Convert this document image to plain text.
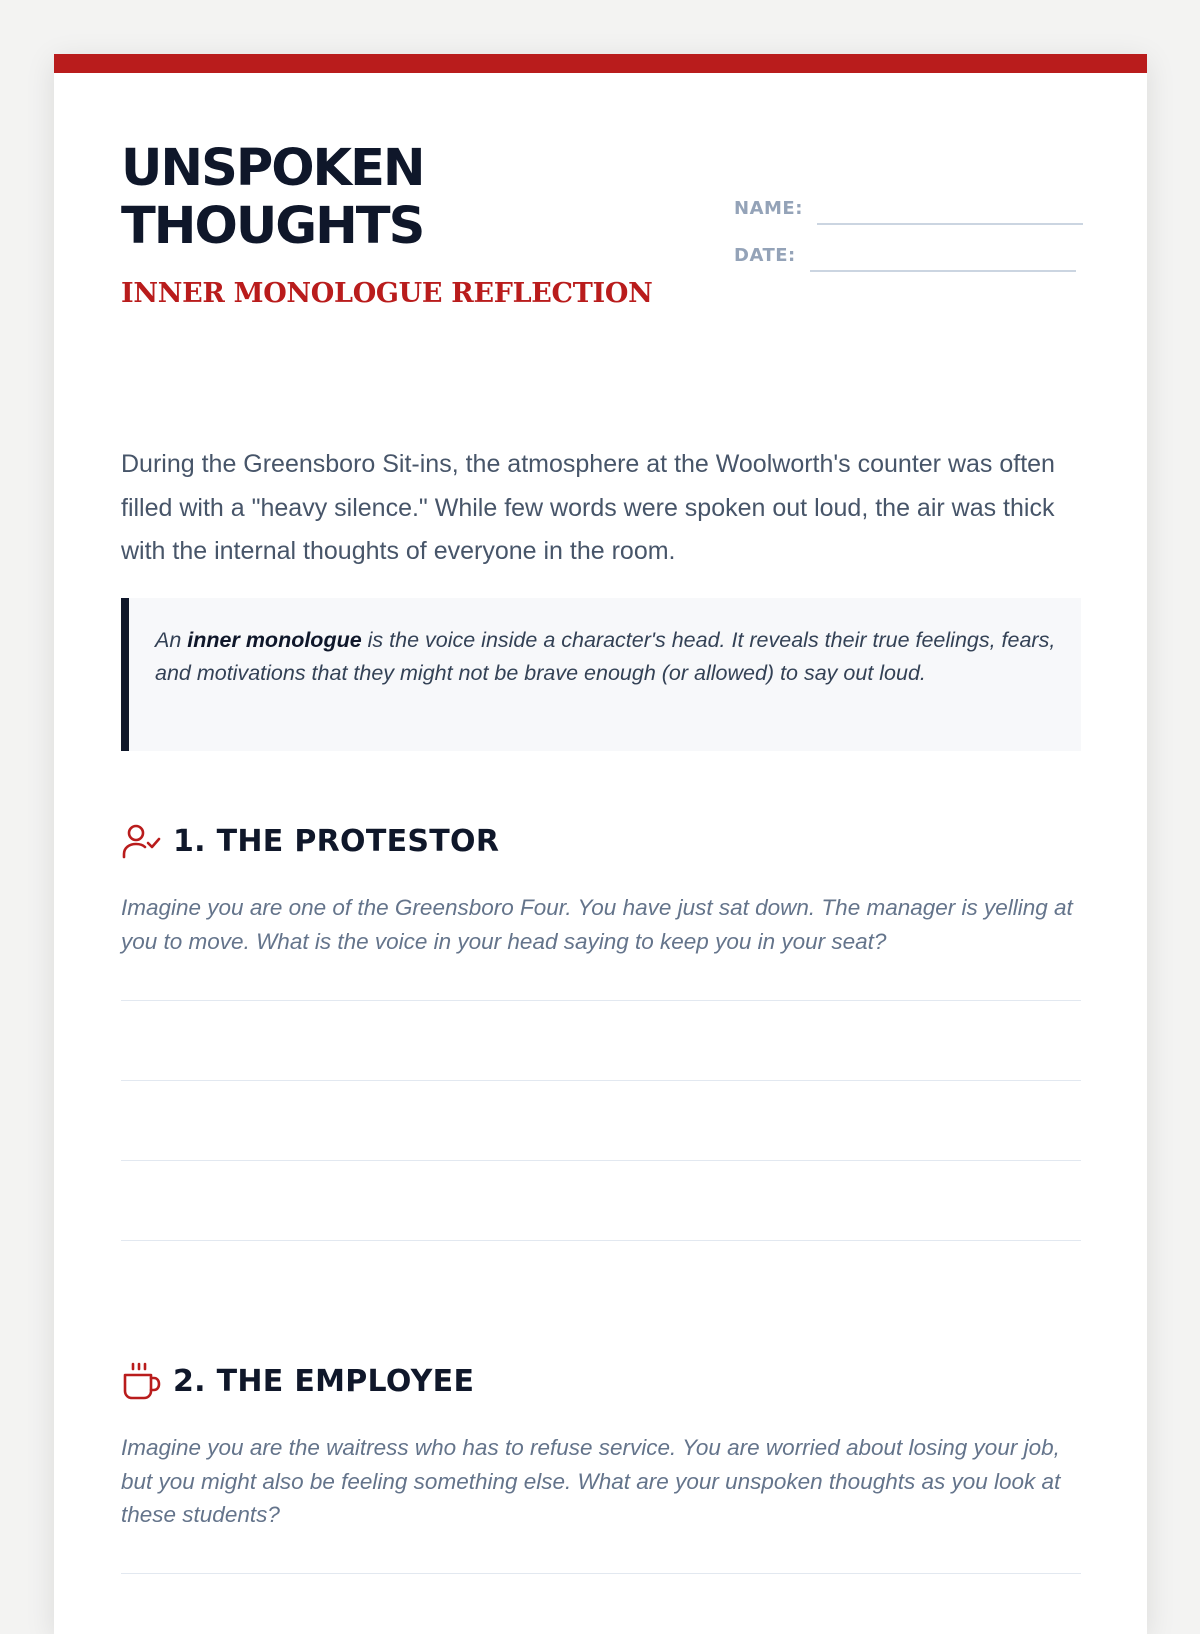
UNSPOKEN
THOUGHTS
INNER MONOLOGUE REFLECTION
NAME:
DATE:

During the Greensboro Sit-ins, the atmosphere at the Woolworth's counter was often filled with a "heavy silence." While few words were spoken out loud, the air was thick with the internal thoughts of everyone in the room.

An inner monologue is the voice inside a character's head. It reveals their true feelings, fears, and motivations that they might not be brave enough (or allowed) to say out loud.
1. THE PROTESTOR

Imagine you are one of the Greensboro Four. You have just sat down. The manager is yelling at you to move. What is the voice in your head saying to keep you in your seat?

2. THE EMPLOYEE

Imagine you are the waitress who has to refuse service. You are worried about losing your job, but you might also be feeling something else. What are your unspoken thoughts as you look at these students?
